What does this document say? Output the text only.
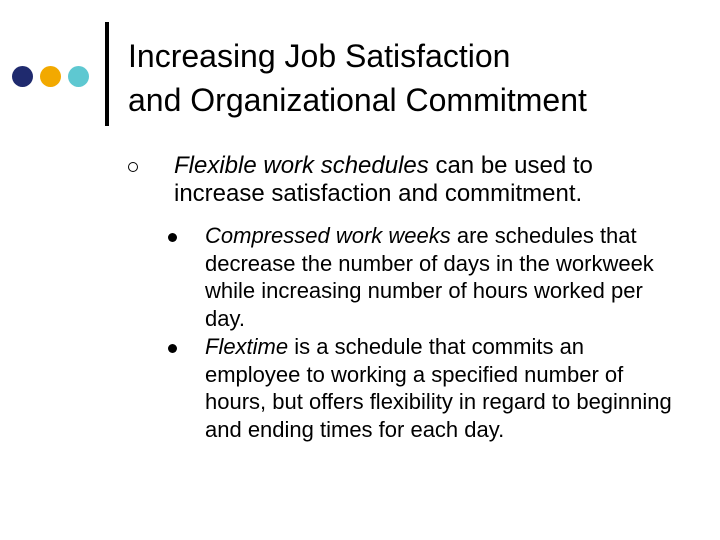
Increasing Job Satisfaction
and Organizational Commitment
Flexible work schedules can be used to increase satisfaction and commitment.
Compressed work weeks are schedules that decrease the number of days in the workweek while increasing number of hours worked per day.
Flextime is a schedule that commits an employee to working a specified number of hours, but offers flexibility in regard to beginning and ending times for each day.
